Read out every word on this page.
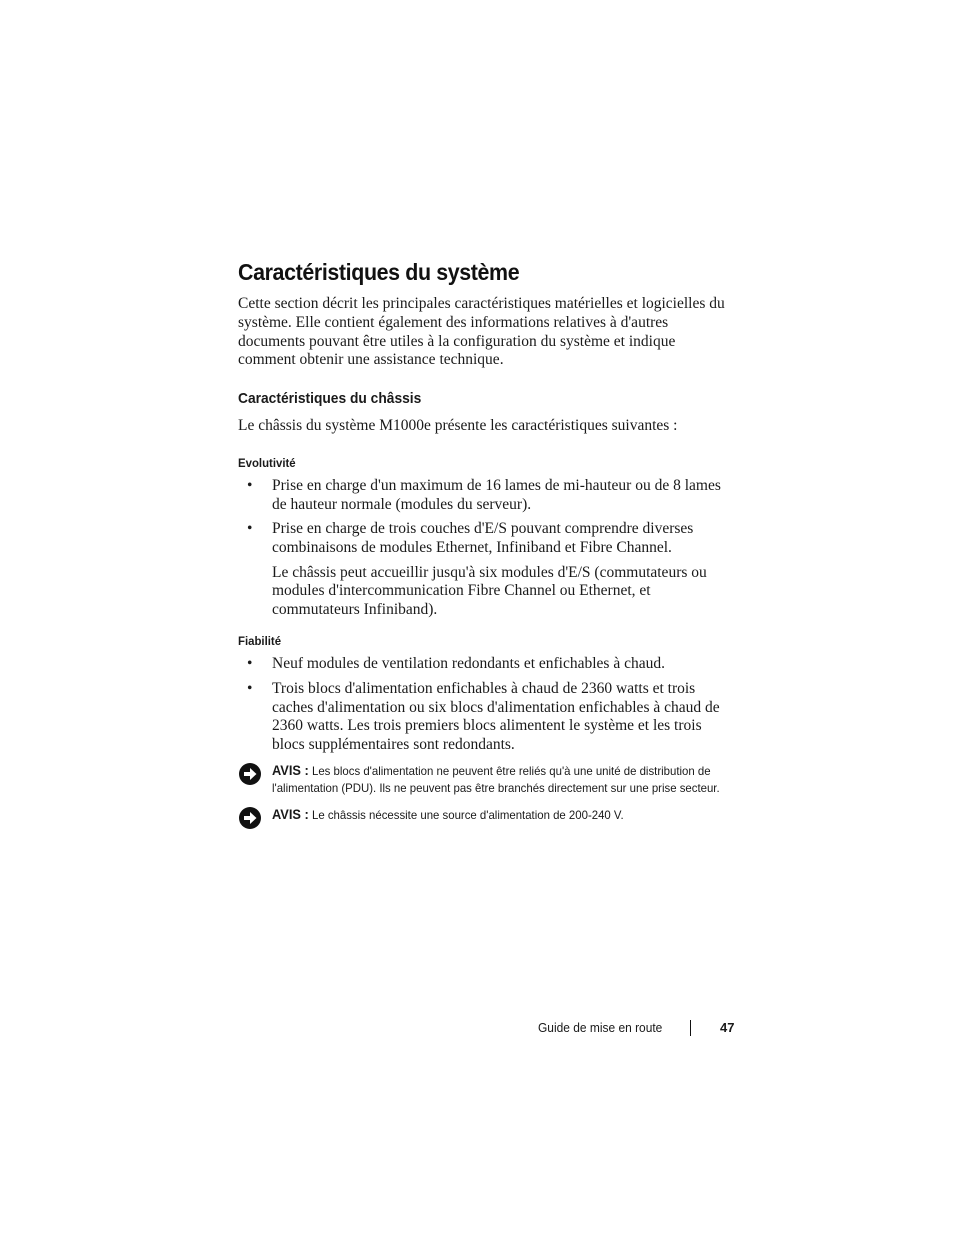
Caractéristiques du système

Cette section décrit les principales caractéristiques matérielles et logicielles du système. Elle contient également des informations relatives à d'autres documents pouvant être utiles à la configuration du système et indique comment obtenir une assistance technique.

Caractéristiques du châssis

Le châssis du système M1000e présente les caractéristiques suivantes :

Evolutivité
• Prise en charge d'un maximum de 16 lames de mi-hauteur ou de 8 lames de hauteur normale (modules du serveur).
• Prise en charge de trois couches d'E/S pouvant comprendre diverses combinaisons de modules Ethernet, Infiniband et Fibre Channel.
Le châssis peut accueillir jusqu'à six modules d'E/S (commutateurs ou modules d'intercommunication Fibre Channel ou Ethernet, et commutateurs Infiniband).
Fiabilité
• Neuf modules de ventilation redondants et enfichables à chaud.
• Trois blocs d'alimentation enfichables à chaud de 2360 watts et trois caches d'alimentation ou six blocs d'alimentation enfichables à chaud de 2360 watts. Les trois premiers blocs alimentent le système et les trois blocs supplémentaires sont redondants.
AVIS : Les blocs d'alimentation ne peuvent être reliés qu'à une unité de distribution de l'alimentation (PDU). Ils ne peuvent pas être branchés directement sur une prise secteur.
AVIS : Le châssis nécessite une source d'alimentation de 200-240 V.
Guide de mise en route	47
